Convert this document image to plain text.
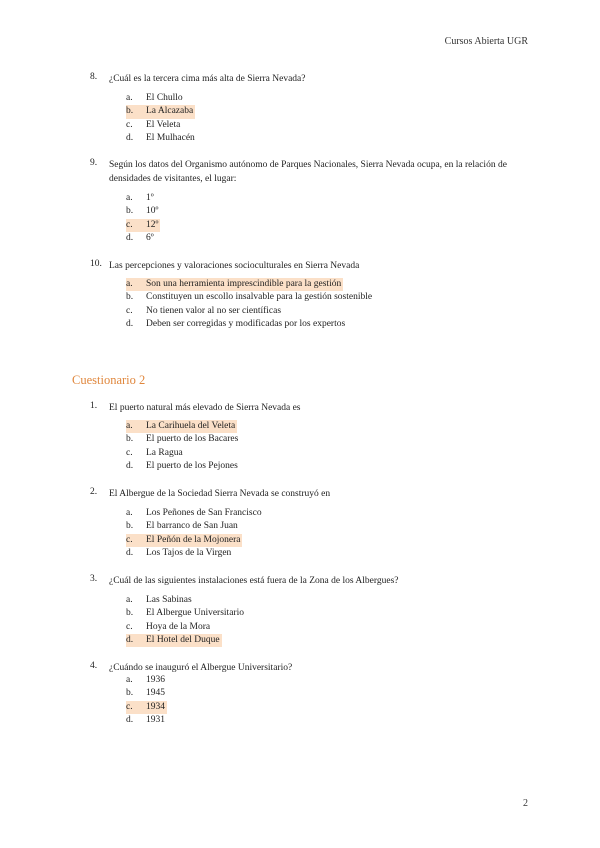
Cursos Abierta UGR
8. ¿Cuál es la tercera cima más alta de Sierra Nevada?
a.	El Chullo
b.	La Alcazaba
c.	El Veleta
d.	El Mulhacén
9. Según los datos del Organismo autónomo de Parques Nacionales, Sierra Nevada ocupa, en la relación de densidades de visitantes, el lugar:
a.	1º
b.	10º
c.	12º
d.	6º
10. Las percepciones y valoraciones socioculturales en Sierra Nevada
a.	Son una herramienta imprescindible para la gestión
b.	Constituyen un escollo insalvable para la gestión sostenible
c.	No tienen valor al no ser científicas
d.	Deben ser corregidas y modificadas por los expertos
Cuestionario 2
1. El puerto natural más elevado de Sierra Nevada es
a.	La Carihuela del Veleta
b.	El puerto de los Bacares
c.	La Ragua
d.	El puerto de los Pejones
2. El Albergue de la Sociedad Sierra Nevada se construyó en
a.	Los Peñones de San Francisco
b.	El barranco de San Juan
c.	El Peñón de la Mojonera
d.	Los Tajos de la Virgen
3. ¿Cuál de las siguientes instalaciones está fuera de la Zona de los Albergues?
a.	Las Sabinas
b.	El Albergue Universitario
c.	Hoya de la Mora
d.	El Hotel del Duque
4. ¿Cuándo se inauguró el Albergue Universitario?
a.	1936
b.	1945
c.	1934
d.	1931
2
